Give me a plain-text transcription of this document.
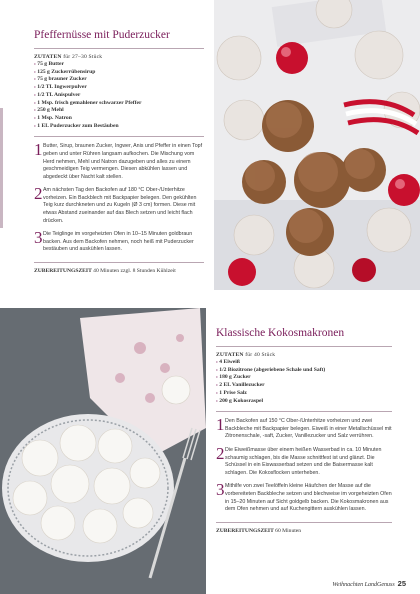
Pfeffernüsse mit Puderzucker
ZUTATEN für 27–30 Stück
› 75 g Butter
› 125 g Zuckerrübensirup
› 75 g brauner Zucker
› 1/2 TL Ingwerpulver
› 1/2 TL Anispulver
› 1 Msp. frisch gemahlener schwarzer Pfeffer
› 250 g Mehl
› 1 Msp. Natron
› 1 EL Puderzucker zum Bestäuben
1 Butter, Sirup, braunen Zucker, Ingwer, Anis und Pfeffer in einen Topf geben und unter Rühren langsam aufkochen. Die Mischung vom Herd nehmen, Mehl und Natron dazugeben und alles zu einem geschmeidigen Teig vermengen. Diesen abkühlen lassen und abgedeckt über Nacht kalt stellen.

2 Am nächsten Tag den Backofen auf 180 °C Ober-/Unterhitze vorheizen. Ein Backblech mit Backpapier belegen. Den gekühlten Teig kurz durchkneten und zu Kugeln (Ø 3 cm) formen. Diese mit etwas Abstand zueinander auf das Blech setzen und leicht flach drücken.

3 Die Teiglinge im vorgeheizten Ofen in 10–15 Minuten goldbraun backen. Aus dem Backofen nehmen, noch heiß mit Puderzucker bestäuben und auskühlen lassen.

ZUBEREITUNGSZEIT 40 Minuten zzgl. 8 Stunden Kühlzeit
Klassische Kokosmakronen
ZUTATEN für 40 Stück
› 4 Eiweiß
› 1/2 Biozitrone (abgeriebene Schale und Saft)
› 180 g Zucker
› 2 EL Vanillezucker
› 1 Prise Salz
› 200 g Kokosraspel
1 Den Backofen auf 150 °C Ober-/Unterhitze vorheizen und zwei Backbleche mit Backpapier belegen. Eiweiß in einer Metallschüssel mit Zitronenschale, -saft, Zucker, Vanillezucker und Salz verrühren.

2 Die Eiweißmasse über einem heißen Wasserbad in ca. 10 Minuten schaumig schlagen, bis die Masse schnittfest ist und glänzt. Die Schüssel in ein Eiswasserbad setzen und die Baisermasse kalt schlagen. Die Kokosflocken unterheben.

3 Mithilfe von zwei Teelöffeln kleine Häufchen der Masse auf die vorbereiteten Backbleche setzen und blechweise im vorgeheizten Ofen in 15–20 Minuten auf Sicht goldgelb backen. Die Kokosmakronen aus dem Ofen nehmen und auf Kuchengittern auskühlen lassen.

ZUBEREITUNGSZEIT 60 Minuten
Weihnachten LandGenuss 25
